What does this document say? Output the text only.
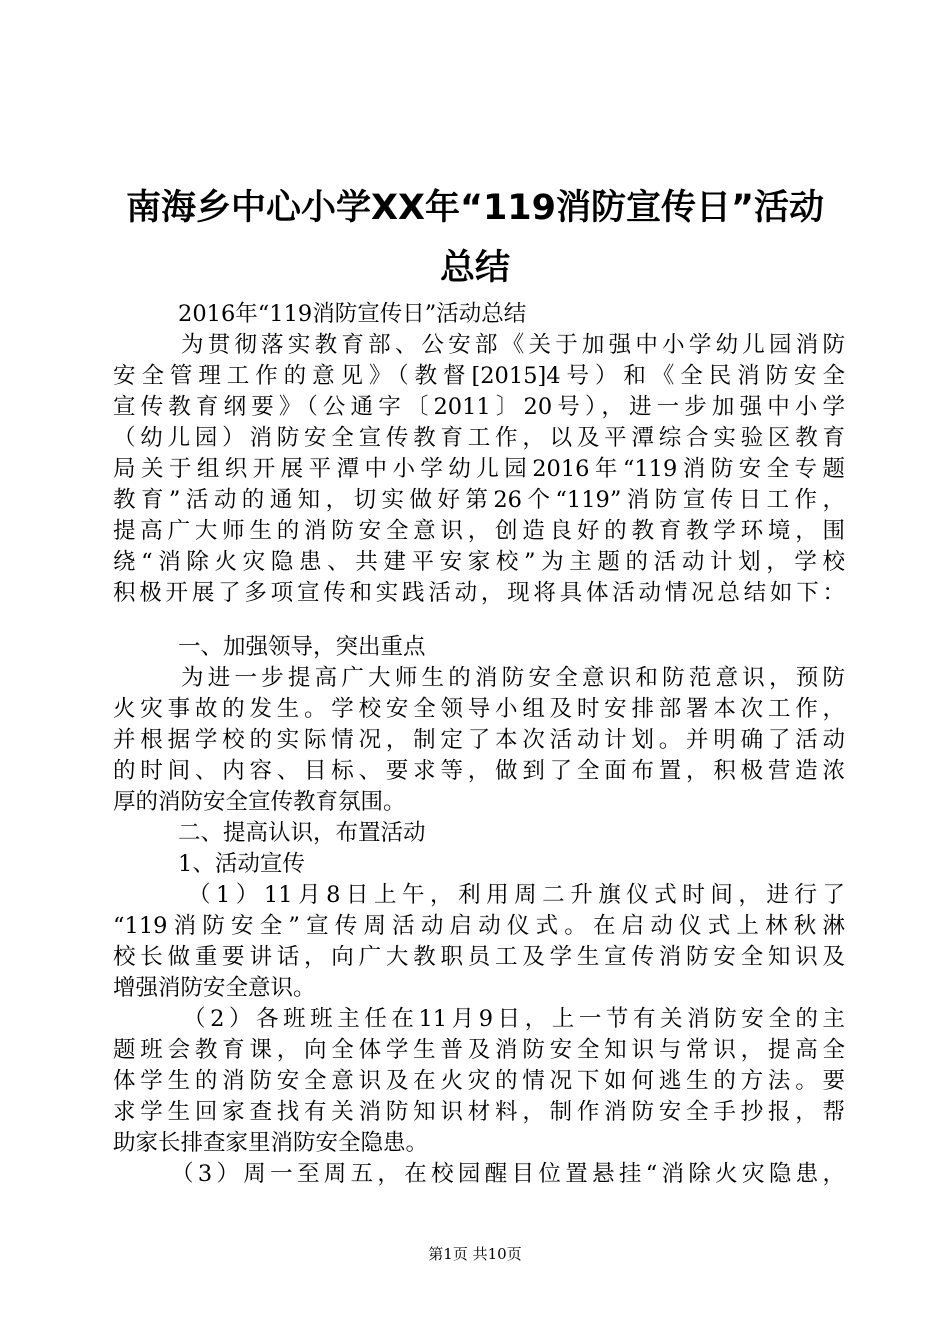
南海乡中心小学XX年“119消防宣传日”活动
总结
2016年“119消防宣传日”活动总结
为贯彻落实教育部、公安部《关于加强中小学幼儿园消防
安全管理工作的意见》（教督[2015]4号）和《全民消防安全
宣传教育纲要》（公通字〔2011〕20号），进一步加强中小学
（幼儿园）消防安全宣传教育工作，以及平潭综合实验区教育
局关于组织开展平潭中小学幼儿园2016年“119消防安全专题
教育”活动的通知，切实做好第26个“119”消防宣传日工作，
提高广大师生的消防安全意识，创造良好的教育教学环境，围
绕“消除火灾隐患、共建平安家校”为主题的活动计划，学校
积极开展了多项宣传和实践活动，现将具体活动情况总结如下：
一、加强领导，突出重点
为进一步提高广大师生的消防安全意识和防范意识，预防
火灾事故的发生。学校安全领导小组及时安排部署本次工作，
并根据学校的实际情况，制定了本次活动计划。并明确了活动
的时间、内容、目标、要求等，做到了全面布置，积极营造浓
厚的消防安全宣传教育氛围。
二、提高认识，布置活动
1、活动宣传
（1）11月8日上午，利用周二升旗仪式时间，进行了
“119消防安全”宣传周活动启动仪式。在启动仪式上林秋淋
校长做重要讲话，向广大教职员工及学生宣传消防安全知识及
增强消防安全意识。
（2）各班班主任在11月9日，上一节有关消防安全的主
题班会教育课，向全体学生普及消防安全知识与常识，提高全
体学生的消防安全意识及在火灾的情况下如何逃生的方法。要
求学生回家查找有关消防知识材料，制作消防安全手抄报，帮
助家长排查家里消防安全隐患。
（3）周一至周五，在校园醒目位置悬挂“消除火灾隐患，
第1页 共10页
